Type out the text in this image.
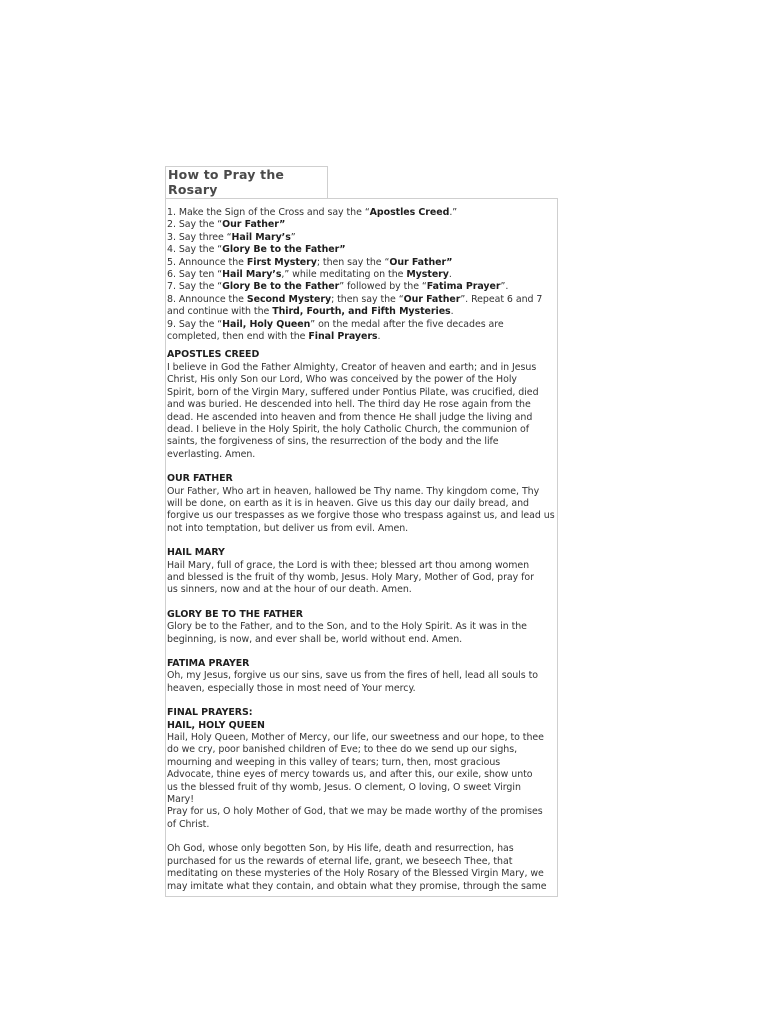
How to Pray the Rosary
1. Make the Sign of the Cross and say the “Apostles Creed.”
2. Say the “Our Father”
3. Say three “Hail Mary’s”
4. Say the “Glory Be to the Father”
5. Announce the First Mystery; then say the “Our Father”
6. Say ten “Hail Mary’s,” while meditating on the Mystery.
7. Say the “Glory Be to the Father” followed by the “Fatima Prayer”.
8. Announce the Second Mystery; then say the “Our Father”. Repeat 6 and 7
and continue with the Third, Fourth, and Fifth Mysteries.
9. Say the “Hail, Holy Queen” on the medal after the five decades are
completed, then end with the Final Prayers.
APOSTLES CREED
I believe in God the Father Almighty, Creator of heaven and earth; and in Jesus
Christ, His only Son our Lord, Who was conceived by the power of the Holy
Spirit, born of the Virgin Mary, suffered under Pontius Pilate, was crucified, died
and was buried. He descended into hell. The third day He rose again from the
dead. He ascended into heaven and from thence He shall judge the living and
dead. I believe in the Holy Spirit, the holy Catholic Church, the communion of
saints, the forgiveness of sins, the resurrection of the body and the life
everlasting. Amen.
OUR FATHER
Our Father, Who art in heaven, hallowed be Thy name. Thy kingdom come, Thy
will be done, on earth as it is in heaven. Give us this day our daily bread, and
forgive us our trespasses as we forgive those who trespass against us, and lead us
not into temptation, but deliver us from evil. Amen.
HAIL MARY
Hail Mary, full of grace, the Lord is with thee; blessed art thou among women
and blessed is the fruit of thy womb, Jesus. Holy Mary, Mother of God, pray for
us sinners, now and at the hour of our death. Amen.
GLORY BE TO THE FATHER
Glory be to the Father, and to the Son, and to the Holy Spirit. As it was in the
beginning, is now, and ever shall be, world without end. Amen.
FATIMA PRAYER
Oh, my Jesus, forgive us our sins, save us from the fires of hell, lead all souls to
heaven, especially those in most need of Your mercy.
FINAL PRAYERS:
HAIL, HOLY QUEEN
Hail, Holy Queen, Mother of Mercy, our life, our sweetness and our hope, to thee
do we cry, poor banished children of Eve; to thee do we send up our sighs,
mourning and weeping in this valley of tears; turn, then, most gracious
Advocate, thine eyes of mercy towards us, and after this, our exile, show unto
us the blessed fruit of thy womb, Jesus. O clement, O loving, O sweet Virgin
Mary!
Pray for us, O holy Mother of God, that we may be made worthy of the promises
of Christ.
Oh God, whose only begotten Son, by His life, death and resurrection, has
purchased for us the rewards of eternal life, grant, we beseech Thee, that
meditating on these mysteries of the Holy Rosary of the Blessed Virgin Mary, we
may imitate what they contain, and obtain what they promise, through the same
